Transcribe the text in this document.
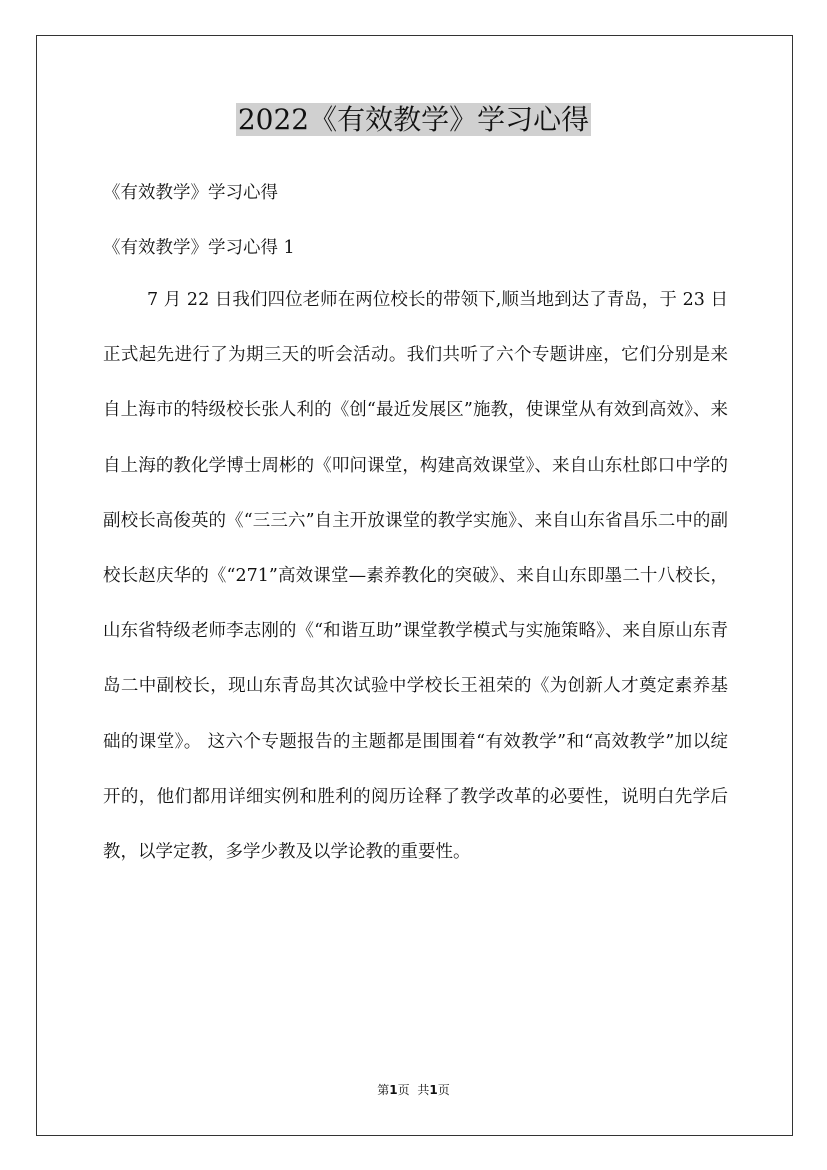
2022《有效教学》学习心得

《有效教学》学习心得

《有效教学》学习心得 1

7 月 22 日我们四位老师在两位校长的带领下,顺当地到达了青岛，于 23 日正式起先进行了为期三天的听会活动。我们共听了六个专题讲座，它们分别是来自上海市的特级校长张人利的《创“最近发展区”施教，使课堂从有效到高效》、来自上海的教化学博士周彬的《叩问课堂，构建高效课堂》、来自山东杜郎口中学的副校长高俊英的《“三三六”自主开放课堂的教学实施》、来自山东省昌乐二中的副校长赵庆华的《“271”高效课堂—素养教化的突破》、来自山东即墨二十八校长，山东省特级老师李志刚的《“和谐互助”课堂教学模式与实施策略》、来自原山东青岛二中副校长，现山东青岛其次试验中学校长王祖荣的《为创新人才奠定素养基础的课堂》。 这六个专题报告的主题都是围围着“有效教学”和“高效教学”加以绽开的，他们都用详细实例和胜利的阅历诠释了教学改革的必要性，说明白先学后教，以学定教，多学少教及以学论教的重要性。

第1页 共1页
